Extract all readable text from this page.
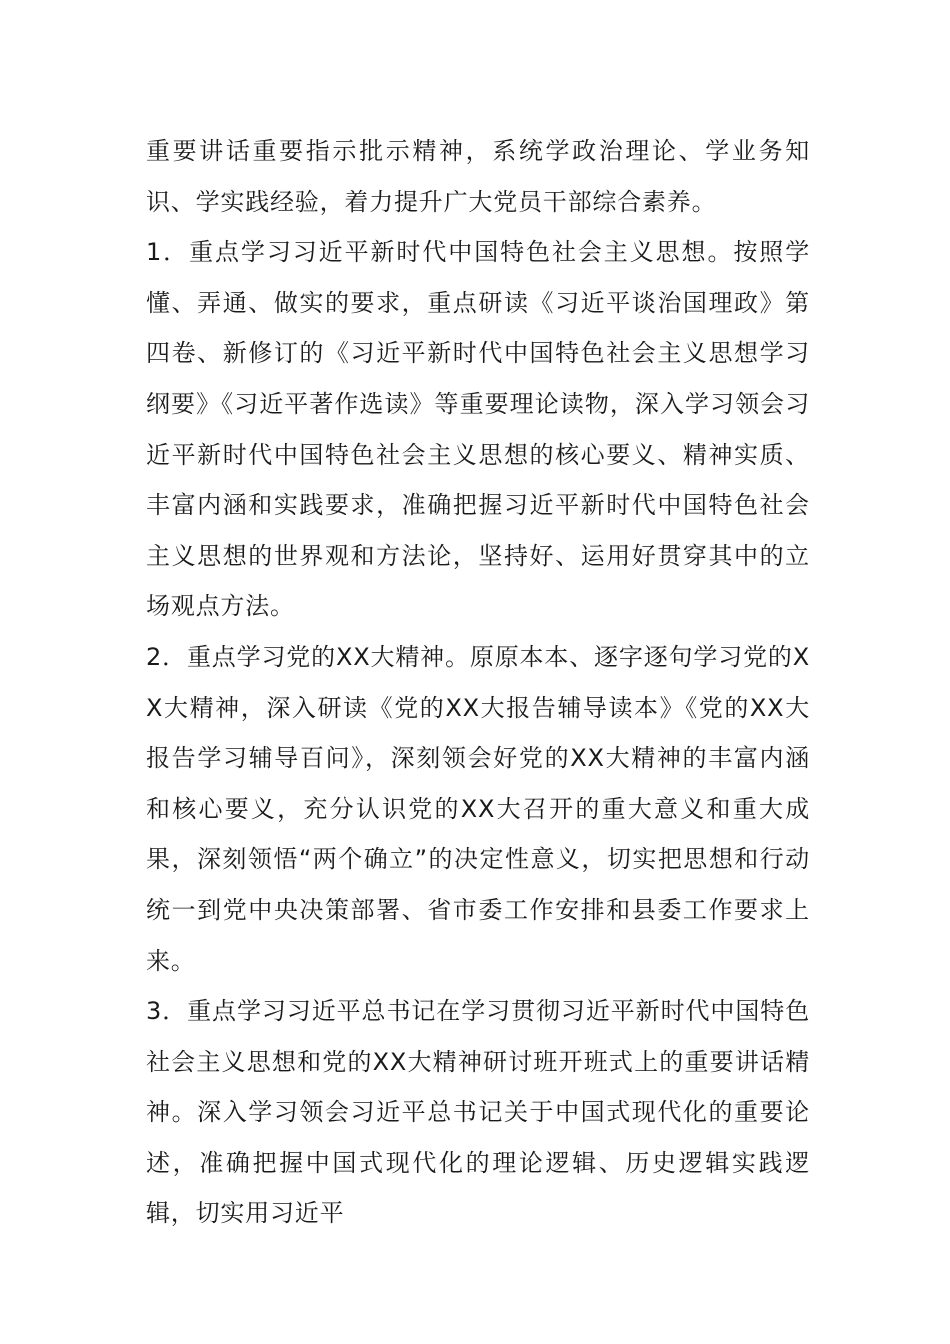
重要讲话重要指示批示精神，系统学政治理论、学业务知识、学实践经验，着力提升广大党员干部综合素养。

1．重点学习习近平新时代中国特色社会主义思想。按照学懂、弄通、做实的要求，重点研读《习近平谈治国理政》第四卷、新修订的《习近平新时代中国特色社会主义思想学习纲要》《习近平著作选读》等重要理论读物，深入学习领会习近平新时代中国特色社会主义思想的核心要义、精神实质、丰富内涵和实践要求，准确把握习近平新时代中国特色社会主义思想的世界观和方法论，坚持好、运用好贯穿其中的立场观点方法。

2．重点学习党的XX大精神。原原本本、逐字逐句学习党的XX大精神，深入研读《党的XX大报告辅导读本》《党的XX大报告学习辅导百问》，深刻领会好党的XX大精神的丰富内涵和核心要义，充分认识党的XX大召开的重大意义和重大成果，深刻领悟“两个确立”的决定性意义，切实把思想和行动统一到党中央决策部署、省市委工作安排和县委工作要求上来。

3．重点学习习近平总书记在学习贯彻习近平新时代中国特色社会主义思想和党的XX大精神研讨班开班式上的重要讲话精神。深入学习领会习近平总书记关于中国式现代化的重要论述，准确把握中国式现代化的理论逻辑、历史逻辑实践逻辑，切实用习近平
